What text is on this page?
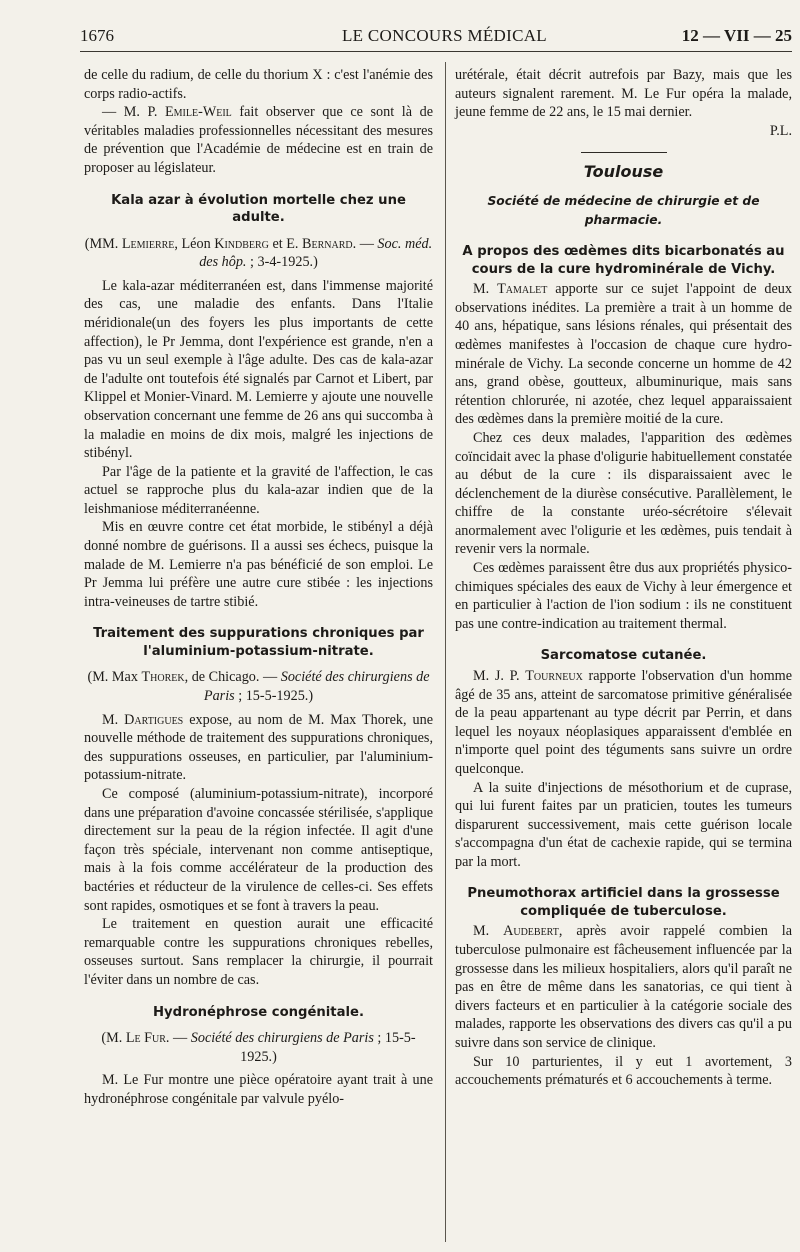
1676	LE CONCOURS MÉDICAL	12 — VII — 25

de celle du radium, de celle du thorium X : c'est l'anémie des corps radio-actifs.

— M. P. Emile-Weil fait observer que ce sont là de véritables maladies professionnelles nécessitant des mesures de prévention que l'Académie de médecine est en train de proposer au législateur.

Kala azar à évolution mortelle chez une adulte.

(MM. Lemierre, Léon Kindberg et E. Bernard. — Soc. méd. des hôp. ; 3-4-1925.)

Le kala-azar méditerranéen est, dans l'immense majorité des cas, une maladie des enfants. Dans l'Italie méridionale(un des foyers les plus importants de cette affection), le Pr Jemma, dont l'expérience est grande, n'en a pas vu un seul exemple à l'âge adulte. Des cas de kala-azar de l'adulte ont toutefois été signalés par Carnot et Libert, par Klippel et Monier-Vinard. M. Lemierre y ajoute une nouvelle observation concernant une femme de 26 ans qui succomba à la maladie en moins de dix mois, malgré les injections de stibényl.

Par l'âge de la patiente et la gravité de l'affection, le cas actuel se rapproche plus du kala-azar indien que de la leishmaniose méditerranéenne.

Mis en œuvre contre cet état morbide, le stibényl a déjà donné nombre de guérisons. Il a aussi ses échecs, puisque la malade de M. Lemierre n'a pas bénéficié de son emploi. Le Pr Jemma lui préfère une autre cure stibée : les injections intra-veineuses de tartre stibié.

Traitement des suppurations chroniques par l'aluminium-potassium-nitrate.

(M. Max Thorek, de Chicago. — Société des chirurgiens de Paris ; 15-5-1925.)

M. Dartigues expose, au nom de M. Max Thorek, une nouvelle méthode de traitement des suppurations chroniques, des suppurations osseuses, en particulier, par l'aluminium-potassium-nitrate.

Ce composé (aluminium-potassium-nitrate), incorporé dans une préparation d'avoine concassée stérilisée, s'applique directement sur la peau de la région infectée. Il agit d'une façon très spéciale, intervenant non comme antiseptique, mais à la fois comme accélérateur de la production des bactéries et réducteur de la virulence de celles-ci. Ses effets sont rapides, osmotiques et se font à travers la peau.

Le traitement en question aurait une efficacité remarquable contre les suppurations chroniques rebelles, osseuses surtout. Sans remplacer la chirurgie, il pourrait l'éviter dans un nombre de cas.

Hydronéphrose congénitale.

(M. Le Fur. — Société des chirurgiens de Paris ; 15-5-1925.)

M. Le Fur montre une pièce opératoire ayant trait à une hydronéphrose congénitale par valvule pyélo-

urétérale, était décrit autrefois par Bazy, mais que les auteurs signalent rarement. M. Le Fur opéra la malade, jeune femme de 22 ans, le 15 mai dernier.

P.L.

Toulouse
Société de médecine de chirurgie et de pharmacie.
A propos des œdèmes dits bicarbonatés au cours de la cure hydrominérale de Vichy.

M. Tamalet apporte sur ce sujet l'appoint de deux observations inédites. La première a trait à un homme de 40 ans, hépatique, sans lésions rénales, qui présentait des œdèmes manifestes à l'occasion de chaque cure hydro-minérale de Vichy. La seconde concerne un homme de 42 ans, grand obèse, goutteux, albuminurique, mais sans rétention chlorurée, ni azotée, chez lequel apparaissaient des œdèmes dans la première moitié de la cure.

Chez ces deux malades, l'apparition des œdèmes coïncidait avec la phase d'oligurie habituellement constatée au début de la cure : ils disparaissaient avec le déclenchement de la diurèse consécutive. Parallèlement, le chiffre de la constante uréo-sécrétoire s'élevait anormalement avec l'oligurie et les œdèmes, puis tendait à revenir vers la normale.

Ces œdèmes paraissent être dus aux propriétés physico-chimiques spéciales des eaux de Vichy à leur émergence et en particulier à l'action de l'ion sodium : ils ne constituent pas une contre-indication au traitement thermal.

Sarcomatose cutanée.

M. J. P. Tourneux rapporte l'observation d'un homme âgé de 35 ans, atteint de sarcomatose primitive généralisée de la peau appartenant au type décrit par Perrin, et dans lequel les noyaux néoplasiques apparaissent d'emblée en n'importe quel point des téguments sans suivre un ordre quelconque.

A la suite d'injections de mésothorium et de cuprase, qui lui furent faites par un praticien, toutes les tumeurs disparurent successivement, mais cette guérison locale s'accompagna d'un état de cachexie rapide, qui se termina par la mort.

Pneumothorax artificiel dans la grossesse compliquée de tuberculose.

M. Audebert, après avoir rappelé combien la tuberculose pulmonaire est fâcheusement influencée par la grossesse dans les milieux hospitaliers, alors qu'il paraît ne pas en être de même dans les sanatorias, ce qui tient à divers facteurs et en particulier à la catégorie sociale des malades, rapporte les observations des divers cas qu'il a pu suivre dans son service de clinique.

Sur 10 parturientes, il y eut 1 avortement, 3 accouchements prématurés et 6 accouchements à terme.
